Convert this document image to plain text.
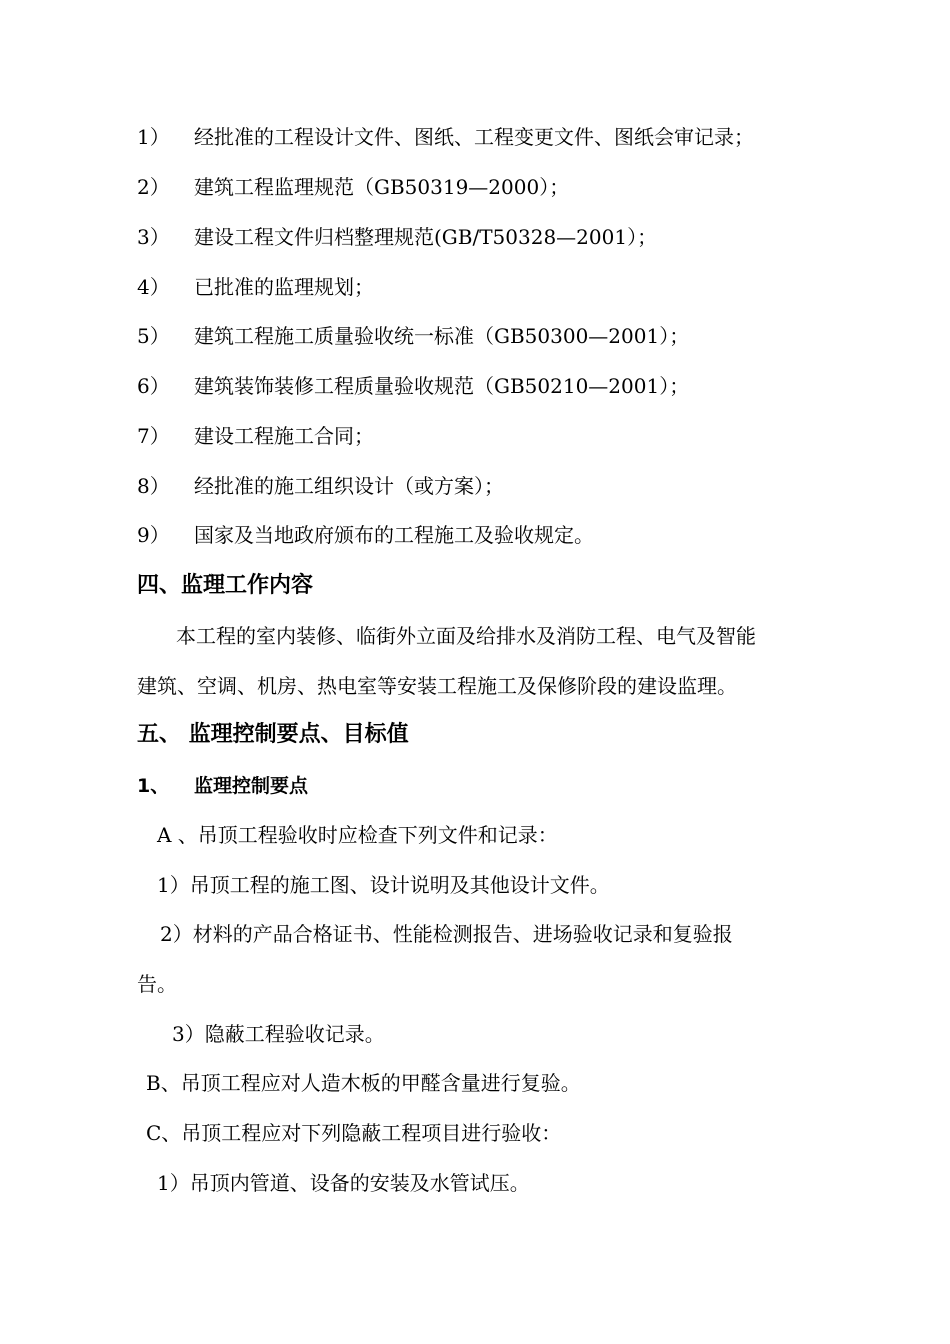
1） 经批准的工程设计文件、图纸、工程变更文件、图纸会审记录；
2） 建筑工程监理规范（GB50319—2000）；
3） 建设工程文件归档整理规范(GB/T50328—2001）；
4） 已批准的监理规划；
5） 建筑工程施工质量验收统一标准（GB50300—2001）；
6） 建筑装饰装修工程质量验收规范（GB50210—2001）；
7） 建设工程施工合同；
8） 经批准的施工组织设计（或方案）；
9） 国家及当地政府颁布的工程施工及验收规定。
四、监理工作内容
本工程的室内装修、临街外立面及给排水及消防工程、电气及智能
建筑、空调、机房、热电室等安装工程施工及保修阶段的建设监理。
五、 监理控制要点、目标值
1、 监理控制要点
A 、吊顶工程验收时应检查下列文件和记录：
1）吊顶工程的施工图、设计说明及其他设计文件。
2）材料的产品合格证书、性能检测报告、进场验收记录和复验报
告。
3）隐蔽工程验收记录。
B、吊顶工程应对人造木板的甲醛含量进行复验。
C、吊顶工程应对下列隐蔽工程项目进行验收：
1）吊顶内管道、设备的安装及水管试压。
